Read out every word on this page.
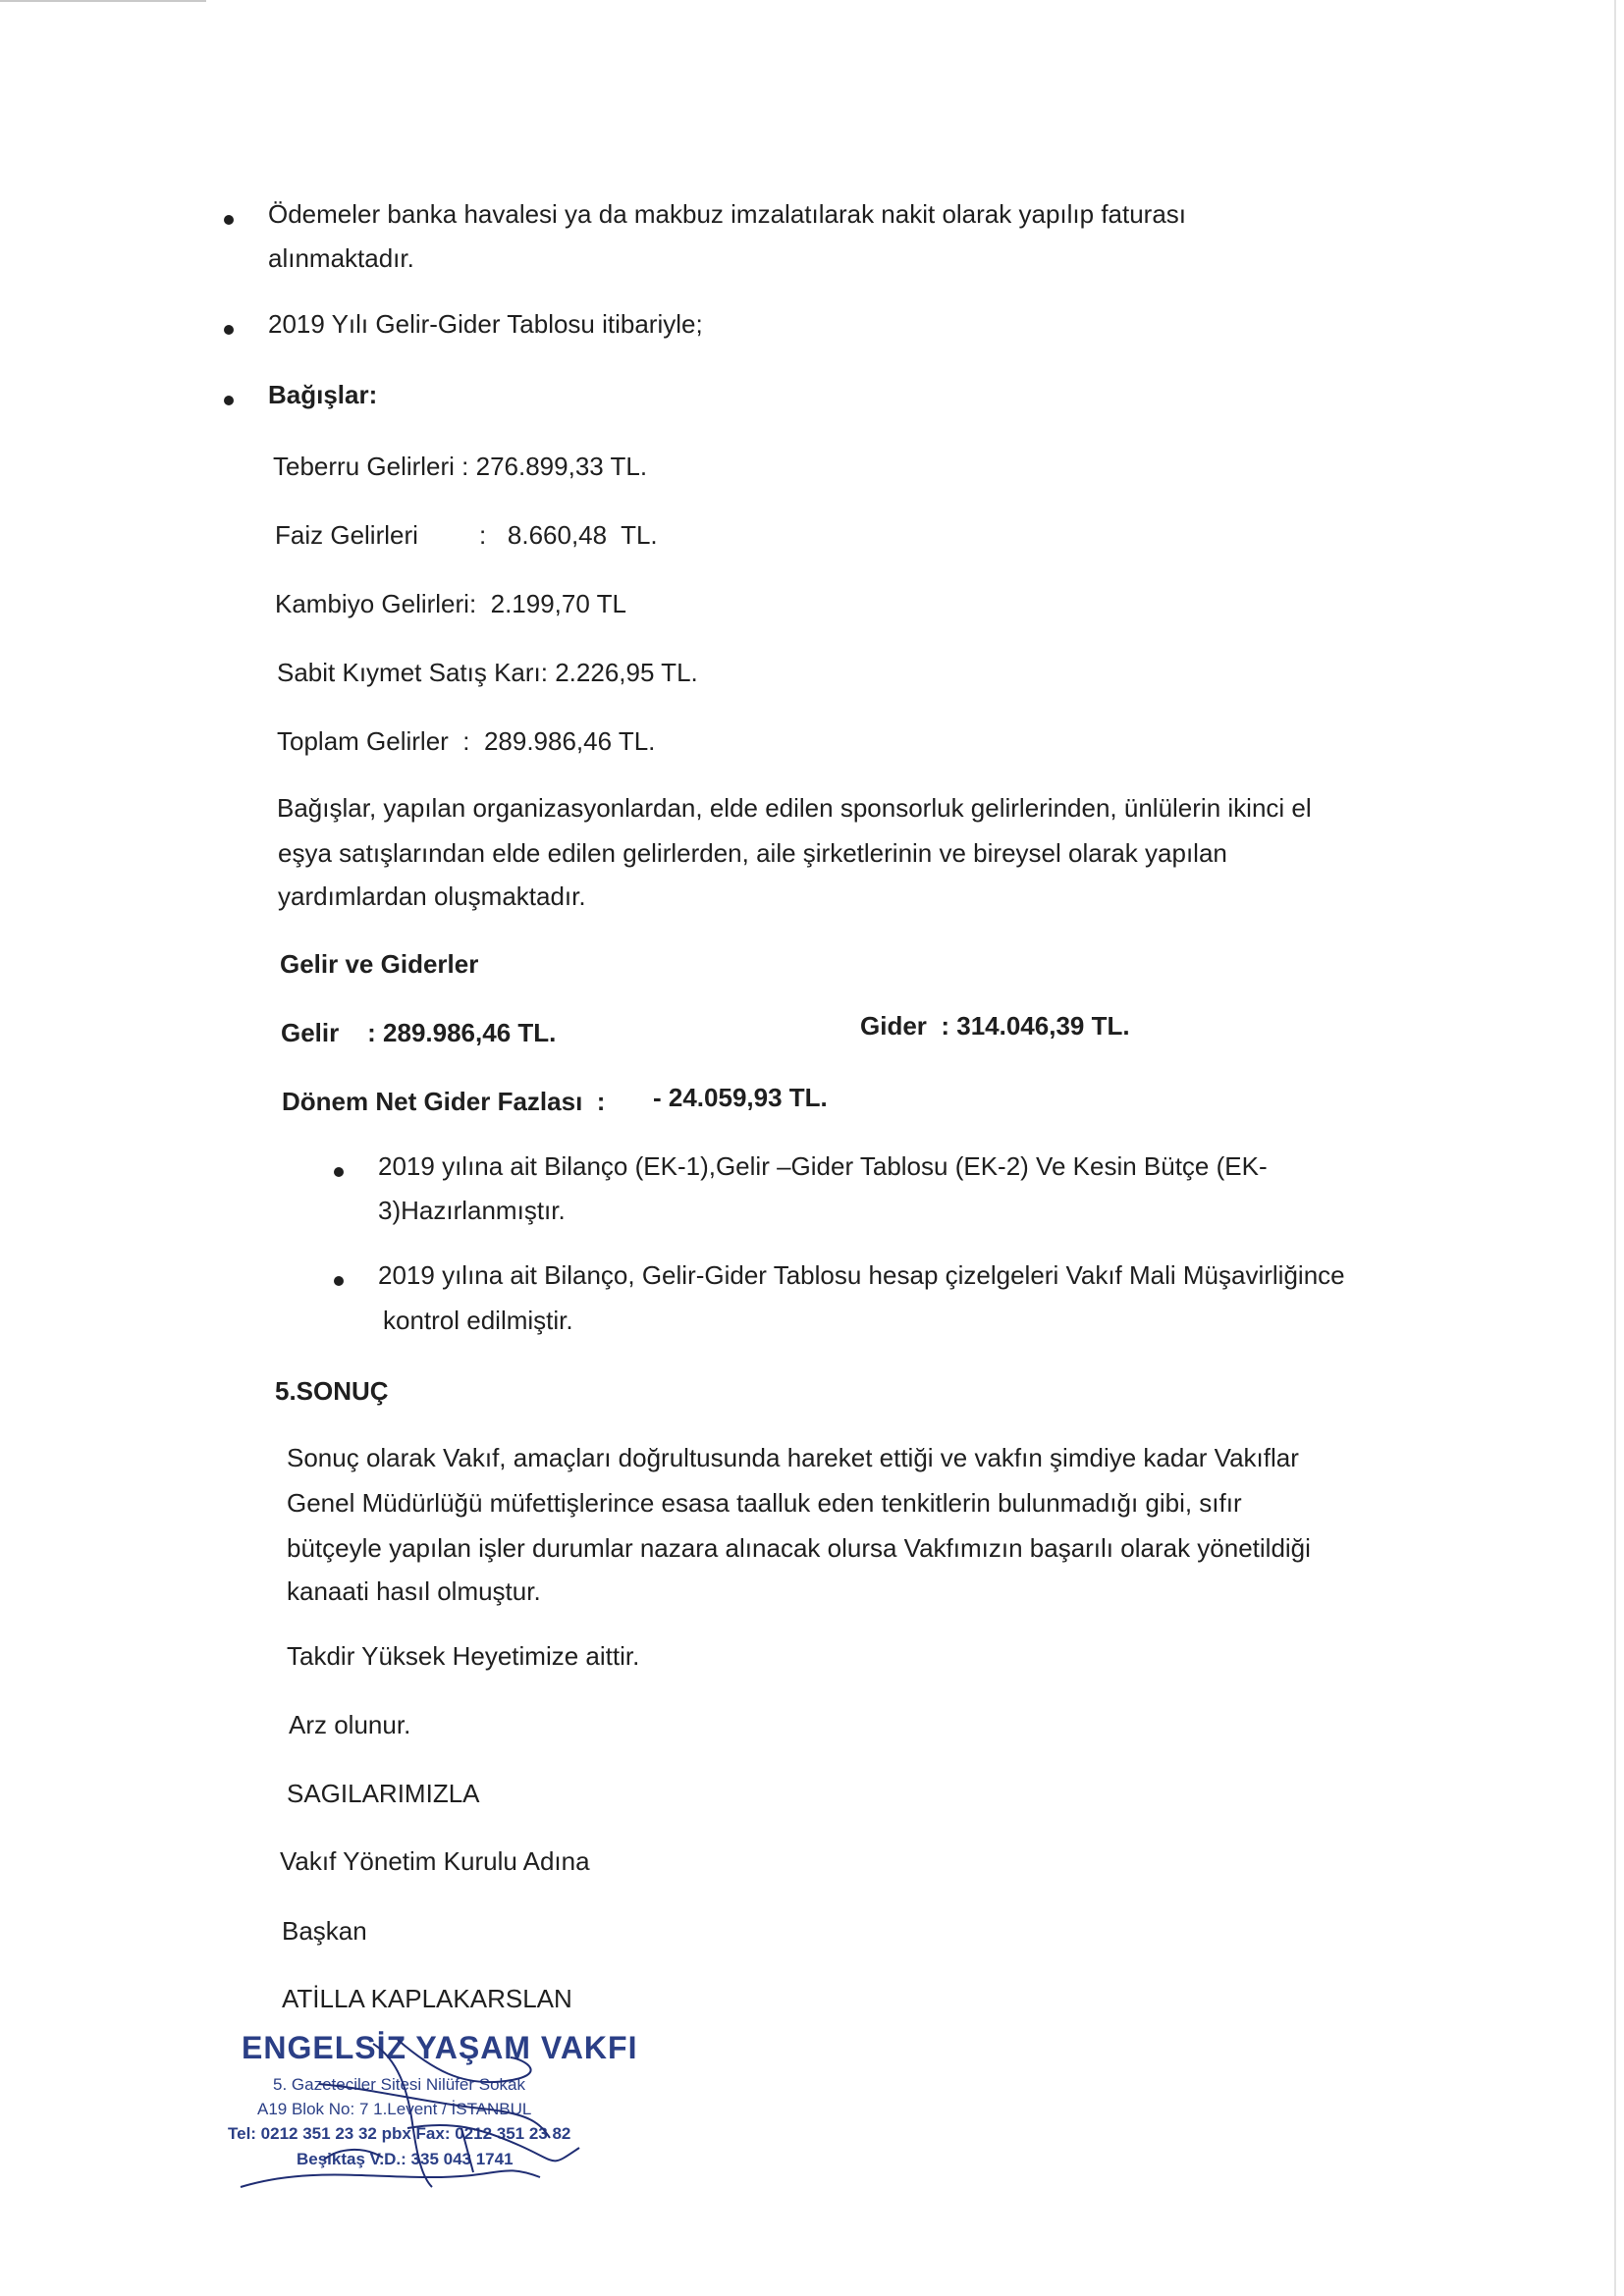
Ödemeler banka havalesi ya da makbuz imzalatılarak nakit olarak yapılıp faturası

alınmaktadır.

2019 Yılı Gelir-Gider Tablosu itibariyle;

Bağışlar:

Teberru Gelirleri : 276.899,33 TL.

Faiz Gelirleri :   8.660,48  TL.

Kambiyo Gelirleri:  2.199,70 TL

Sabit Kıymet Satış Karı: 2.226,95 TL.

Toplam Gelirler  :  289.986,46 TL.

Bağışlar, yapılan organizasyonlardan, elde edilen sponsorluk gelirlerinden, ünlülerin ikinci el

eşya satışlarından elde edilen gelirlerden, aile şirketlerinin ve bireysel olarak yapılan

yardımlardan oluşmaktadır.

Gelir ve Giderler

Gelir    : 289.986,46 TL.	Gider  : 314.046,39 TL.

Dönem Net Gider Fazlası  : - 24.059,93 TL.

2019 yılına ait Bilanço (EK-1),Gelir –Gider Tablosu (EK-2) Ve Kesin Bütçe (EK-

3)Hazırlanmıştır.

2019 yılına ait Bilanço, Gelir-Gider Tablosu hesap çizelgeleri Vakıf Mali Müşavirliğince

kontrol edilmiştir.

5.SONUÇ

Sonuç olarak Vakıf, amaçları doğrultusunda hareket ettiği ve vakfın şimdiye kadar Vakıflar

Genel Müdürlüğü müfettişlerince esasa taalluk eden tenkitlerin bulunmadığı gibi, sıfır

bütçeyle yapılan işler durumlar nazara alınacak olursa Vakfımızın başarılı olarak yönetildiği

kanaati hasıl olmuştur.

Takdir Yüksek Heyetimize aittir.

Arz olunur.

SAGILARIMIZLA

Vakıf Yönetim Kurulu Adına

Başkan

ATİLLA KAPLAKARSLAN

ENGELSİZ YAŞAM VAKFI
5. Gazeteciler Sitesi Nilüfer Sokak
A19 Blok No: 7 1.Levent / İSTANBUL
Tel: 0212 351 23 32 pbx Fax: 0212 351 23 82
Beşiktaş V.D.: 335 043 1741
